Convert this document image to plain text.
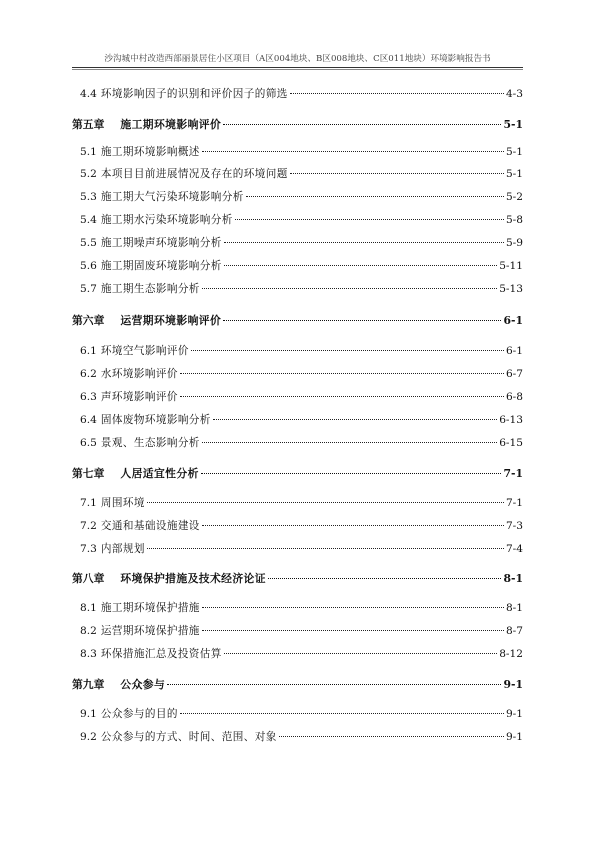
沙沟城中村改造西部丽景居住小区项目（A区004地块、B区008地块、C区011地块）环境影响报告书
4.4 环境影响因子的识别和评价因子的筛选	4-3
第五章 施工期环境影响评价	5-1
5.1 施工期环境影响概述	5-1
5.2 本项目目前进展情况及存在的环境问题	5-1
5.3 施工期大气污染环境影响分析	5-2
5.4 施工期水污染环境影响分析	5-8
5.5 施工期噪声环境影响分析	5-9
5.6 施工期固废环境影响分析	5-11
5.7 施工期生态影响分析	5-13
第六章 运营期环境影响评价	6-1
6.1 环境空气影响评价	6-1
6.2 水环境影响评价	6-7
6.3 声环境影响评价	6-8
6.4 固体废物环境影响分析	6-13
6.5 景观、生态影响分析	6-15
第七章 人居适宜性分析	7-1
7.1 周围环境	7-1
7.2 交通和基础设施建设	7-3
7.3 内部规划	7-4
第八章 环境保护措施及技术经济论证	8-1
8.1 施工期环境保护措施	8-1
8.2 运营期环境保护措施	8-7
8.3 环保措施汇总及投资估算	8-12
第九章 公众参与	9-1
9.1 公众参与的目的	9-1
9.2 公众参与的方式、时间、范围、对象	9-1
